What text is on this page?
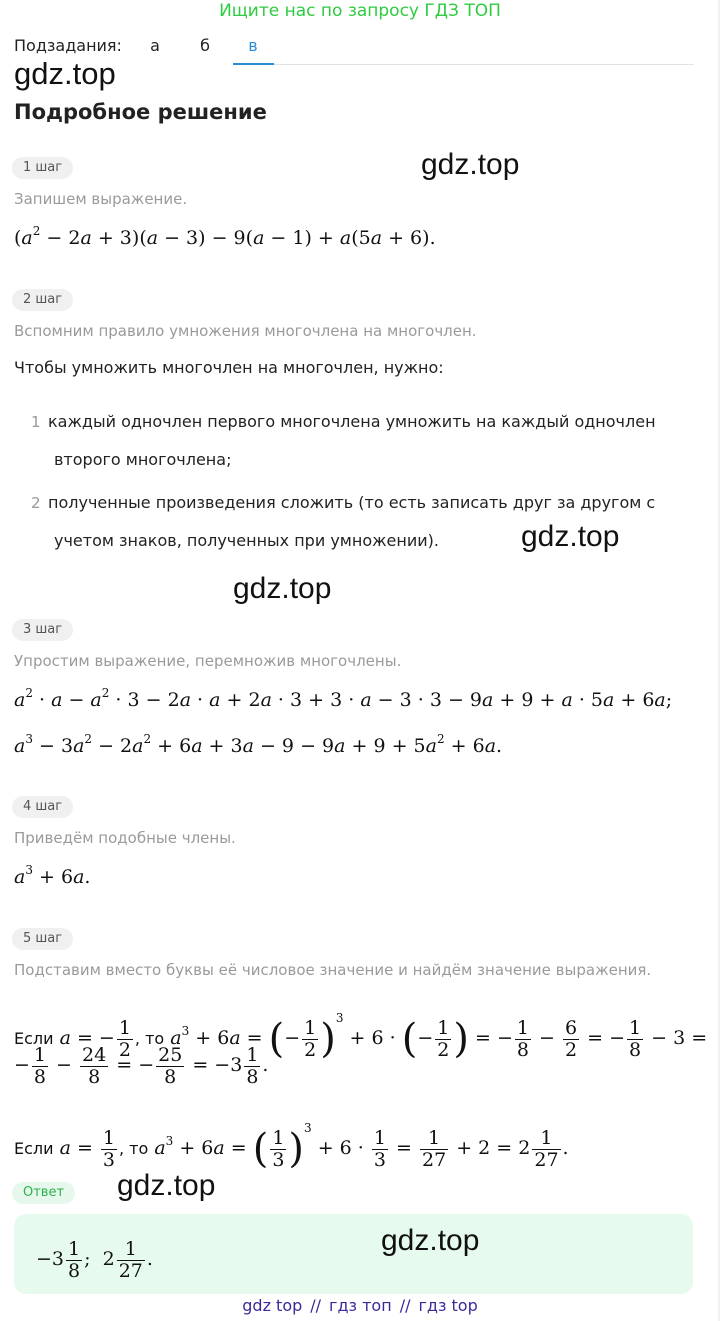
Ищите нас по запросу ГДЗ ТОП
Подзадания:	а	б	в
gdz.top
Подробное решение
1 шаг	gdz.top
Запишем выражение.
$(a^2 - 2a + 3)(a - 3) - 9(a - 1) + a(5a + 6)$.
2 шаг
Вспомним правило умножения многочлена на многочлен.
Чтобы умножить многочлен на многочлен, нужно:
1 каждый одночлен первого многочлена умножить на каждый одночлен
второго многочлена;
2 полученные произведения сложить (то есть записать друг за другом с
учетом знаков, полученных при умножении).	gdz.top
gdz.top
3 шаг
Упростим выражение, перемножив многочлены.
$a^2 \cdot a - a^2 \cdot 3 - 2a \cdot a + 2a \cdot 3 + 3 \cdot a - 3 \cdot 3 - 9a + 9 + a \cdot 5a + 6a$;
$a^3 - 3a^2 - 2a^2 + 6a + 3a - 9 - 9a + 9 + 5a^2 + 6a$.
4 шаг
Приведём подобные члены.
$a^3 + 6a$.
5 шаг
Подставим вместо буквы её числовое значение и найдём значение выражения.
Если a = − $\frac{1}{2}$ , то $a^3 + 6a$ = (− $\frac{1}{2} )^3 + 6$ · (− $\frac{1}{2}$ ) = − $\frac{1}{8} - \frac{6}{2}$ = − $\frac{1}{8} - 3$ =
− $\frac{1}{8} - \frac{24}{8}$ = − $\frac{25}{8} = -3 \frac{1}{8}$ .
Если $a = \frac{1}{3}$ , то $a^3 + 6a$ = ( $\frac{1}{3} )^3 + 6 \cdot \frac{1}{3} = \frac{1}{27} + 2 = 2 \frac{1}{27}$ .
Ответ	gdz.top
$-3 \frac{1}{8}$ ;  $2 \frac{1}{27}$ .
gdz.top
gdz top // гдз топ // гдз top
